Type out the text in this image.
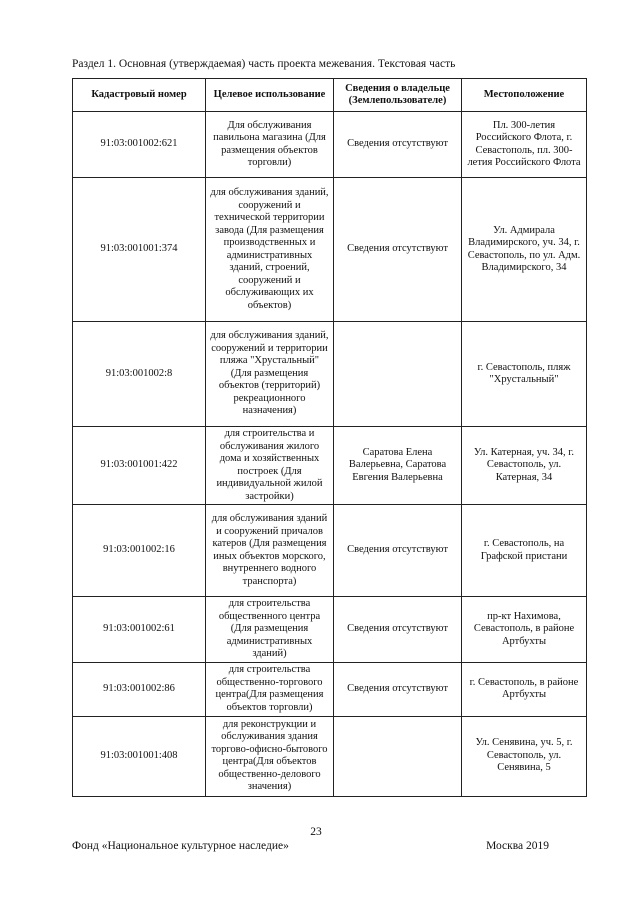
Раздел 1. Основная (утверждаемая) часть проекта межевания. Текстовая часть
Кадастровый номер	Целевое использование	Сведения о владельце (Землепользователе)	Местоположение
91:03:001002:621	Для обслуживания павильона магазина (Для размещения объектов торговли)	Сведения отсутствуют	Пл. 300-летия Российского Флота, г. Севастополь, пл. 300-летия Российского Флота
91:03:001001:374	для обслуживания зданий, сооружений и технической территории завода (Для размещения производственных и административных зданий, строений, сооружений и обслуживающих их объектов)	Сведения отсутствуют	Ул. Адмирала Владимирского, уч. 34, г. Севастополь, по ул. Адм. Владимирского, 34
91:03:001002:8	для обслуживания зданий, сооружений и территории пляжа "Хрустальный"(Для размещения объектов (территорий) рекреационного назначения)		г. Севастополь, пляж "Хрустальный"
91:03:001001:422	для строительства и обслуживания жилого дома и хозяйственных построек (Для индивидуальной жилой застройки)	Саратова Елена Валерьевна, Саратова Евгения Валерьевна	Ул. Катерная, уч. 34, г. Севастополь, ул. Катерная, 34
91:03:001002:16	для обслуживания зданий и сооружений причалов катеров (Для размещения иных объектов морского, внутреннего водного транспорта)	Сведения отсутствуют	г. Севастополь, на Графской пристани
91:03:001002:61	для строительства общественного центра (Для размещения административных зданий)	Сведения отсутствуют	пр-кт Нахимова, Севастополь, в районе Артбухты
91:03:001002:86	для строительства общественно-торгового центра(Для размещения объектов торговли)	Сведения отсутствуют	г. Севастополь, в районе Артбухты
91:03:001001:408	для реконструкции и обслуживания здания торгово-офисно-бытового центра(Для объектов общественно-делового значения)		Ул. Сенявина, уч. 5, г. Севастополь, ул. Сенявина, 5
23
Фонд «Национальное культурное наследие»	Москва 2019
